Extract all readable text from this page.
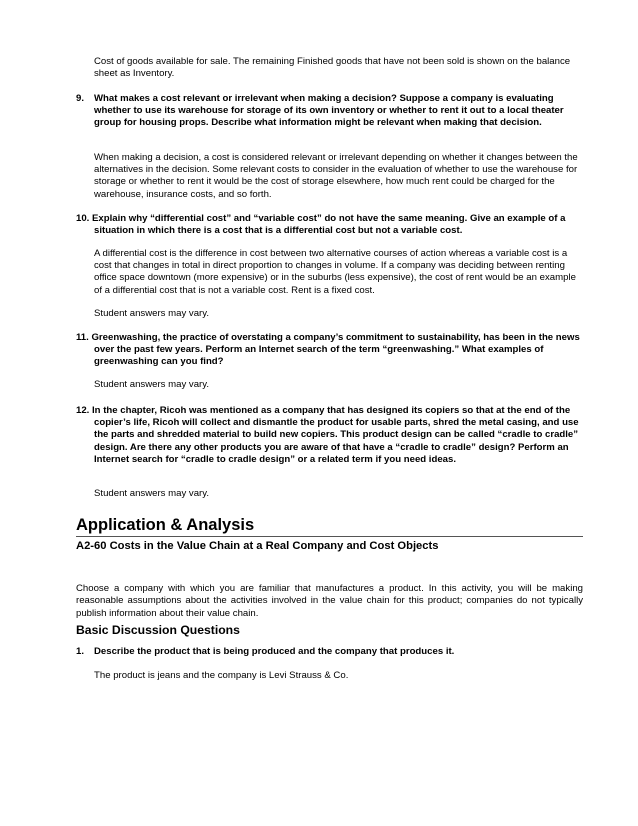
Cost of goods available for sale. The remaining Finished goods that have not been sold is shown on the balance sheet as Inventory.

9.	What makes a cost relevant or irrelevant when making a decision? Suppose a company is evaluating whether to use its warehouse for storage of its own inventory or whether to rent it out to a local theater group for housing props. Describe what information might be relevant when making that decision.

When making a decision, a cost is considered relevant or irrelevant depending on whether it changes between the alternatives in the decision. Some relevant costs to consider in the evaluation of whether to use the warehouse for storage or whether to rent it would be the cost of storage elsewhere, how much rent could be charged for the warehouse, insurance costs, and so forth.

10. Explain why “differential cost” and “variable cost” do not have the same meaning. Give an example of a situation in which there is a cost that is a differential cost but not a variable cost.

A differential cost is the difference in cost between two alternative courses of action whereas a variable cost is a cost that changes in total in direct proportion to changes in volume. If a company was deciding between renting office space downtown (more expensive) or in the suburbs (less expensive), the cost of rent would be an example of a differential cost that is not a variable cost. Rent is a fixed cost.

Student answers may vary.

11. Greenwashing, the practice of overstating a company’s commitment to sustainability, has been in the news over the past few years. Perform an Internet search of the term “greenwashing.” What examples of greenwashing can you find?

Student answers may vary.

12. In the chapter, Ricoh was mentioned as a company that has designed its copiers so that at the end of the copier’s life, Ricoh will collect and dismantle the product for usable parts, shred the metal casing, and use the parts and shredded material to build new copiers. This product design can be called “cradle to cradle” design. Are there any other products you are aware of that have a “cradle to cradle” design? Perform an Internet search for “cradle to cradle design” or a related term if you need ideas.

Student answers may vary.

Application & Analysis
A2-60 Costs in the Value Chain at a Real Company and Cost Objects

Choose a company with which you are familiar that manufactures a product. In this activity, you will be making reasonable assumptions about the activities involved in the value chain for this product; companies do not typically publish information about their value chain.

Basic Discussion Questions
1.	Describe the product that is being produced and the company that produces it.

The product is jeans and the company is Levi Strauss & Co.
